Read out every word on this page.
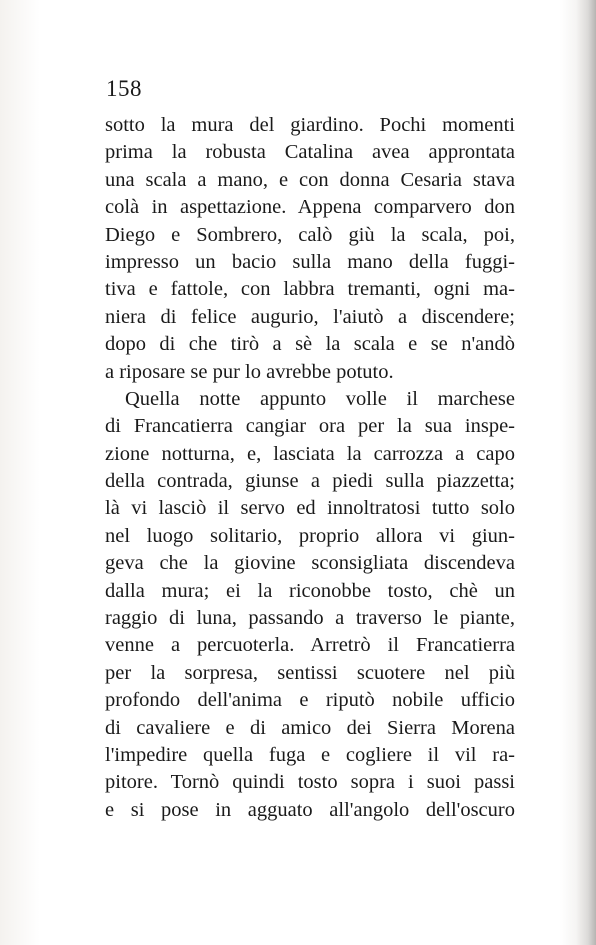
158
sotto la mura del giardino. Pochi momenti
prima la robusta Catalina avea approntata
una scala a mano, e con donna Cesaria stava
colà in aspettazione. Appena comparvero don
Diego e Sombrero, calò giù la scala, poi,
impresso un bacio sulla mano della fuggi-
tiva e fattole, con labbra tremanti, ogni ma-
niera di felice augurio, l'aiutò a discendere;
dopo di che tirò a sè la scala e se n'andò
a riposare se pur lo avrebbe potuto.
Quella notte appunto volle il marchese
di Francatierra cangiar ora per la sua inspe-
zione notturna, e, lasciata la carrozza a capo
della contrada, giunse a piedi sulla piazzetta;
là vi lasciò il servo ed innoltratosi tutto solo
nel luogo solitario, proprio allora vi giun-
geva che la giovine sconsigliata discendeva
dalla mura; ei la riconobbe tosto, chè un
raggio di luna, passando a traverso le piante,
venne a percuoterla. Arretrò il Francatierra
per la sorpresa, sentissi scuotere nel più
profondo dell'anima e riputò nobile ufficio
di cavaliere e di amico dei Sierra Morena
l'impedire quella fuga e cogliere il vil ra-
pitore. Tornò quindi tosto sopra i suoi passi
e si pose in agguato all'angolo dell'oscuro
